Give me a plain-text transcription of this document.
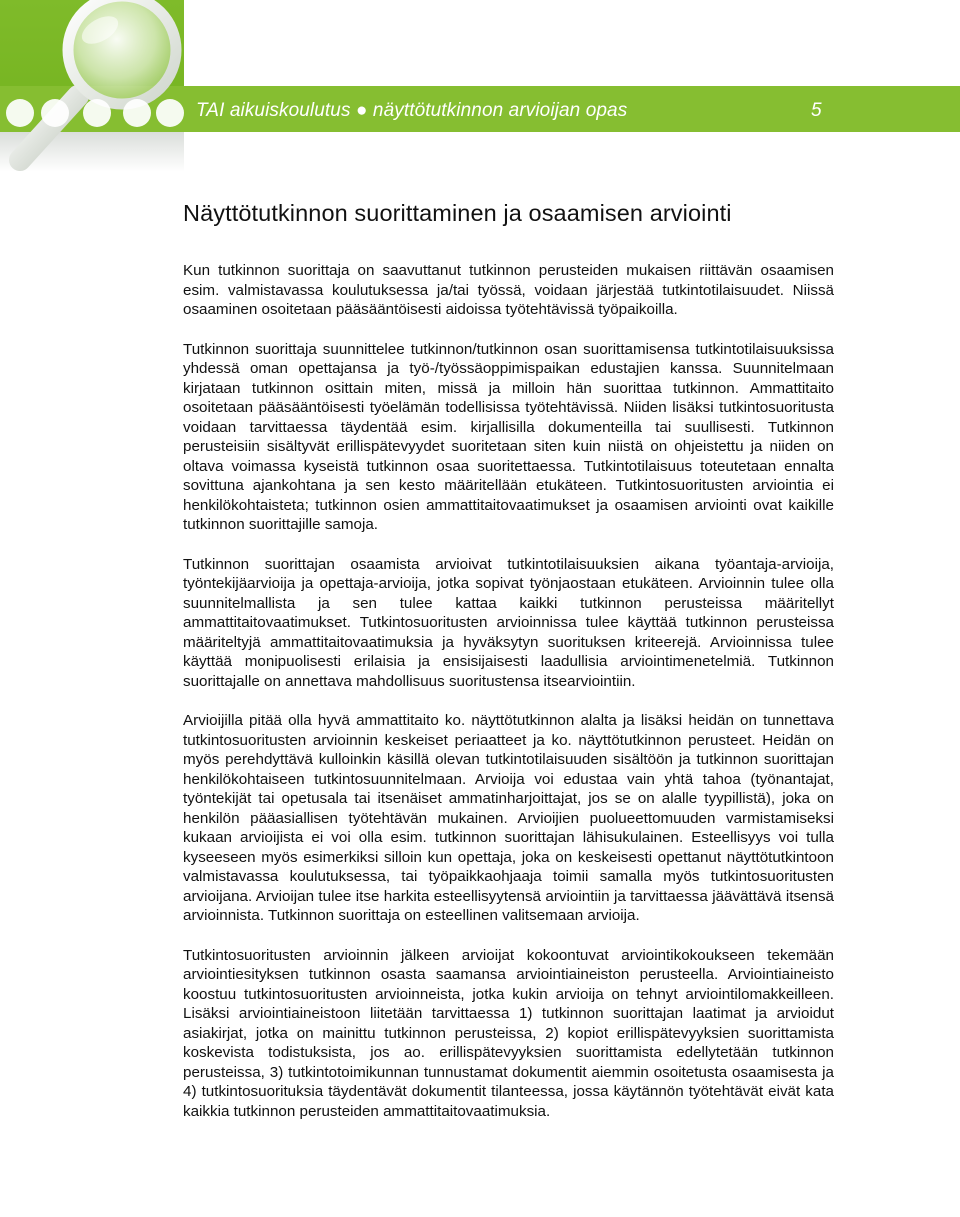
TAI aikuiskoulutus ● näyttötutkinnon arvioijan opas	5
Näyttötutkinnon suorittaminen ja osaamisen arviointi

Kun tutkinnon suorittaja on saavuttanut tutkinnon perusteiden mukaisen riittävän osaamisen esim. valmistavassa koulutuksessa ja/tai työssä, voidaan järjestää tutkintotilaisuudet. Niissä osaaminen osoitetaan pääsääntöisesti aidoissa työtehtävissä työpaikoilla.

Tutkinnon suorittaja suunnittelee tutkinnon/tutkinnon osan suorittamisensa tutkintotilaisuuksissa yhdessä oman opettajansa ja työ-/työssäoppimispaikan edustajien kanssa. Suunnitelmaan kirjataan tutkinnon osittain miten, missä ja milloin hän suorittaa tutkinnon. Ammattitaito osoitetaan pääsääntöisesti työelämän todellisissa työtehtävissä. Niiden lisäksi tutkintosuoritusta voidaan tarvittaessa täydentää esim. kirjallisilla dokumenteilla tai suullisesti. Tutkinnon perusteisiin sisältyvät erillispätevyydet suoritetaan siten kuin niistä on ohjeistettu ja niiden on oltava voimassa kyseistä tutkinnon osaa suoritettaessa. Tutkintotilaisuus toteutetaan ennalta sovittuna ajankohtana ja sen kesto määritellään etukäteen. Tutkintosuoritusten arviointia ei henkilökohtaisteta; tutkinnon osien ammattitaitovaatimukset ja osaamisen arviointi ovat kaikille tutkinnon suorittajille samoja.

Tutkinnon suorittajan osaamista arvioivat tutkintotilaisuuksien aikana työantaja-arvioija, työntekijäarvioija ja opettaja-arvioija, jotka sopivat työnjaostaan etukäteen. Arvioinnin tulee olla suunnitelmallista ja sen tulee kattaa kaikki tutkinnon perusteissa määritellyt ammattitaitovaatimukset. Tutkintosuoritusten arvioinnissa tulee käyttää tutkinnon perusteissa määriteltyjä ammattitaitovaatimuksia ja hyväksytyn suorituksen kriteerejä. Arvioinnissa tulee käyttää monipuolisesti erilaisia ja ensisijaisesti laadullisia arviointimenetelmiä. Tutkinnon suorittajalle on annettava mahdollisuus suoritustensa itsearviointiin.

Arvioijilla pitää olla hyvä ammattitaito ko. näyttötutkinnon alalta ja lisäksi heidän on tunnettava tutkintosuoritusten arvioinnin keskeiset periaatteet ja ko. näyttötutkinnon perusteet. Heidän on myös perehdyttävä kulloinkin käsillä olevan tutkintotilaisuuden sisältöön ja tutkinnon suorittajan henkilökohtaiseen tutkintosuunnitelmaan. Arvioija voi edustaa vain yhtä tahoa (työnantajat, työntekijät tai opetusala tai itsenäiset ammatinharjoittajat, jos se on alalle tyypillistä), joka on henkilön pääasiallisen työtehtävän mukainen. Arvioijien puolueettomuuden varmistamiseksi kukaan arvioijista ei voi olla esim. tutkinnon suorittajan lähisukulainen. Esteellisyys voi tulla kyseeseen myös esimerkiksi silloin kun opettaja, joka on keskeisesti opettanut näyttötutkintoon valmistavassa koulutuksessa, tai työpaikkaohjaaja toimii samalla myös tutkintosuoritusten arvioijana. Arvioijan tulee itse harkita esteellisyytensä arviointiin ja tarvittaessa jäävättävä itsensä arvioinnista. Tutkinnon suorittaja on esteellinen valitsemaan arvioija.

Tutkintosuoritusten arvioinnin jälkeen arvioijat kokoontuvat arviointikokoukseen tekemään arviointiesityksen tutkinnon osasta saamansa arviointiaineiston perusteella. Arviointiaineisto koostuu tutkintosuoritusten arvioinneista, jotka kukin arvioija on tehnyt arviointilomakkeilleen. Lisäksi arviointiaineistoon liitetään tarvittaessa 1) tutkinnon suorittajan laatimat ja arvioidut asiakirjat, jotka on mainittu tutkinnon perusteissa, 2) kopiot erillispätevyyksien suorittamista koskevista todistuksista, jos ao. erillispätevyyksien suorittamista edellytetään tutkinnon perusteissa, 3) tutkintotoimikunnan tunnustamat dokumentit aiemmin osoitetusta osaamisesta ja 4) tutkintosuorituksia täydentävät dokumentit tilanteessa, jossa käytännön työtehtävät eivät kata kaikkia tutkinnon perusteiden ammattitaitovaatimuksia.
